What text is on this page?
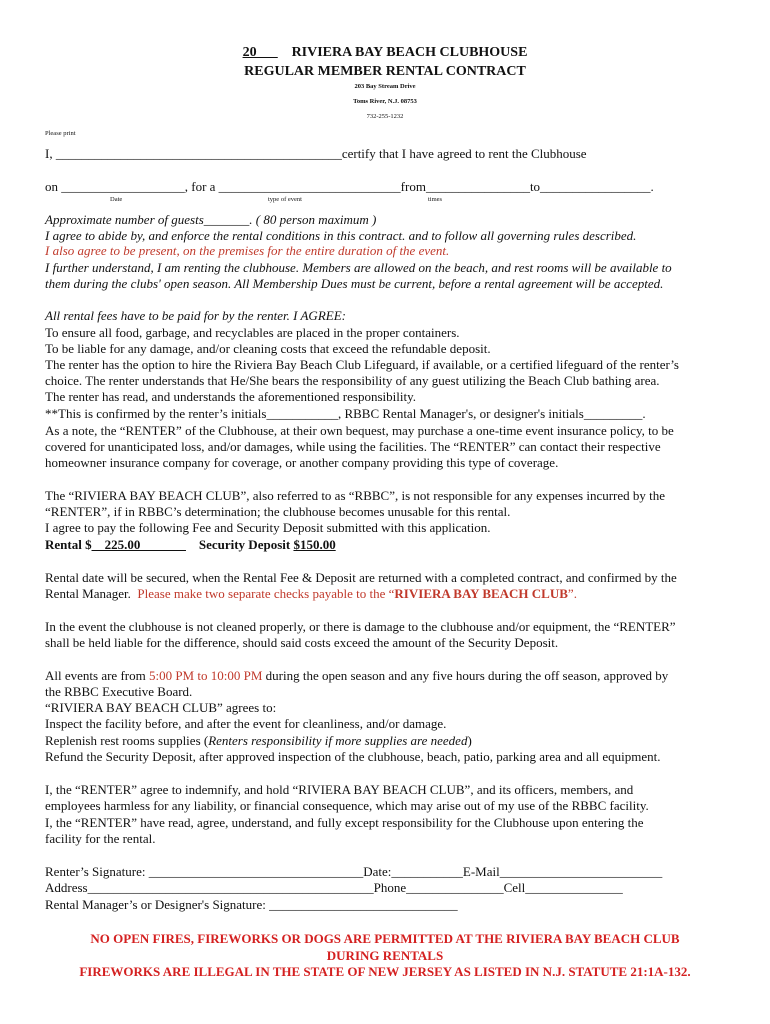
20___ RIVIERA BAY BEACH CLUBHOUSE
REGULAR MEMBER RENTAL CONTRACT
203 Bay Stream Drive
Toms River, N.J. 08753
732-255-1232
Please print
I, ____________________________________________certify that I have agreed to rent the Clubhouse
on ___________________, for a ____________________________from________________to_________________.
Date	type of event	times
Approximate number of guests_______. ( 80 person maximum )
I agree to abide by, and enforce the rental conditions in this contract. and to follow all governing rules described.
I also agree to be present, on the premises for the entire duration of the event.
I further understand, I am renting the clubhouse. Members are allowed on the beach, and rest rooms will be available to
them during the clubs' open season. All Membership Dues must be current, before a rental agreement will be accepted.
All rental fees have to be paid for by the renter. I AGREE:
To ensure all food, garbage, and recyclables are placed in the proper containers.
To be liable for any damage, and/or cleaning costs that exceed the refundable deposit.
The renter has the option to hire the Riviera Bay Beach Club Lifeguard, if available, or a certified lifeguard of the renter’s
choice. The renter understands that He/She bears the responsibility of any guest utilizing the Beach Club bathing area.
The renter has read, and understands the aforementioned responsibility.
**This is confirmed by the renter’s initials___________, RBBC Rental Manager's, or designer's initials_________.
As a note, the “RENTER” of the Clubhouse, at their own bequest, may purchase a one-time event insurance policy, to be
covered for unanticipated loss, and/or damages, while using the facilities. The “RENTER” can contact their respective
homeowner insurance company for coverage, or another company providing this type of coverage.
The “RIVIERA BAY BEACH CLUB”, also referred to as “RBBC”, is not responsible for any expenses incurred by the
“RENTER”, if in RBBC’s determination; the clubhouse becomes unusable for this rental.
I agree to pay the following Fee and Security Deposit submitted with this application.
Rental $__225.00_______ Security Deposit $150.00
Rental date will be secured, when the Rental Fee & Deposit are returned with a completed contract, and confirmed by the
Rental Manager. Please make two separate checks payable to the “RIVIERA BAY BEACH CLUB”.
In the event the clubhouse is not cleaned properly, or there is damage to the clubhouse and/or equipment, the “RENTER”
shall be held liable for the difference, should said costs exceed the amount of the Security Deposit.
All events are from 5:00 PM to 10:00 PM during the open season and any five hours during the off season, approved by
the RBBC Executive Board.
“RIVIERA BAY BEACH CLUB” agrees to:
Inspect the facility before, and after the event for cleanliness, and/or damage.
Replenish rest rooms supplies (Renters responsibility if more supplies are needed)
Refund the Security Deposit, after approved inspection of the clubhouse, beach, patio, parking area and all equipment.
I, the “RENTER” agree to indemnify, and hold “RIVIERA BAY BEACH CLUB”, and its officers, members, and
employees harmless for any liability, or financial consequence, which may arise out of my use of the RBBC facility.
I, the “RENTER” have read, agree, understand, and fully except responsibility for the Clubhouse upon entering the
facility for the rental.
Renter’s Signature: _________________________________Date:___________E-Mail_________________________
Address____________________________________________Phone_______________Cell_______________
Rental Manager’s or Designer's Signature: _____________________________
NO OPEN FIRES, FIREWORKS OR DOGS ARE PERMITTED AT THE RIVIERA BAY BEACH CLUB
DURING RENTALS
FIREWORKS ARE ILLEGAL IN THE STATE OF NEW JERSEY AS LISTED IN N.J. STATUTE 21:1A-132.
